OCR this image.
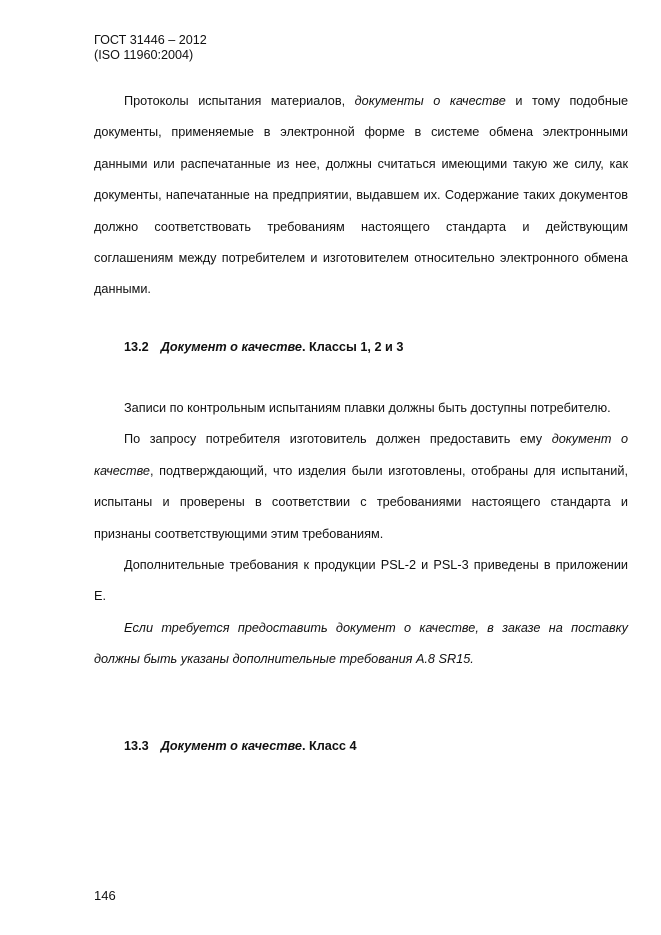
ГОСТ 31446 – 2012
(ISO 11960:2004)

Протоколы испытания материалов, документы о качестве и тому подобные документы, применяемые в электронной форме в системе обмена электронными данными или распечатанные из нее, должны считаться имеющими такую же силу, как документы, напечатанные на предприятии, выдавшем их. Содержание таких документов должно соответствовать требованиям настоящего стандарта и действующим соглашениям между потребителем и изготовителем относительно электронного обмена данными.

13.2 Документ о качестве. Классы 1, 2 и 3

Записи по контрольным испытаниям плавки должны быть доступны потребителю.

По запросу потребителя изготовитель должен предоставить ему документ о качестве, подтверждающий, что изделия были изготовлены, отобраны для испытаний, испытаны и проверены в соответствии с требованиями настоящего стандарта и признаны соответствующими этим требованиям.

Дополнительные требования к продукции PSL-2 и PSL-3 приведены в приложении Е.

Если требуется предоставить документ о качестве, в заказе на поставку должны быть указаны дополнительные требования А.8 SR15.

13.3 Документ о качестве. Класс 4
146
